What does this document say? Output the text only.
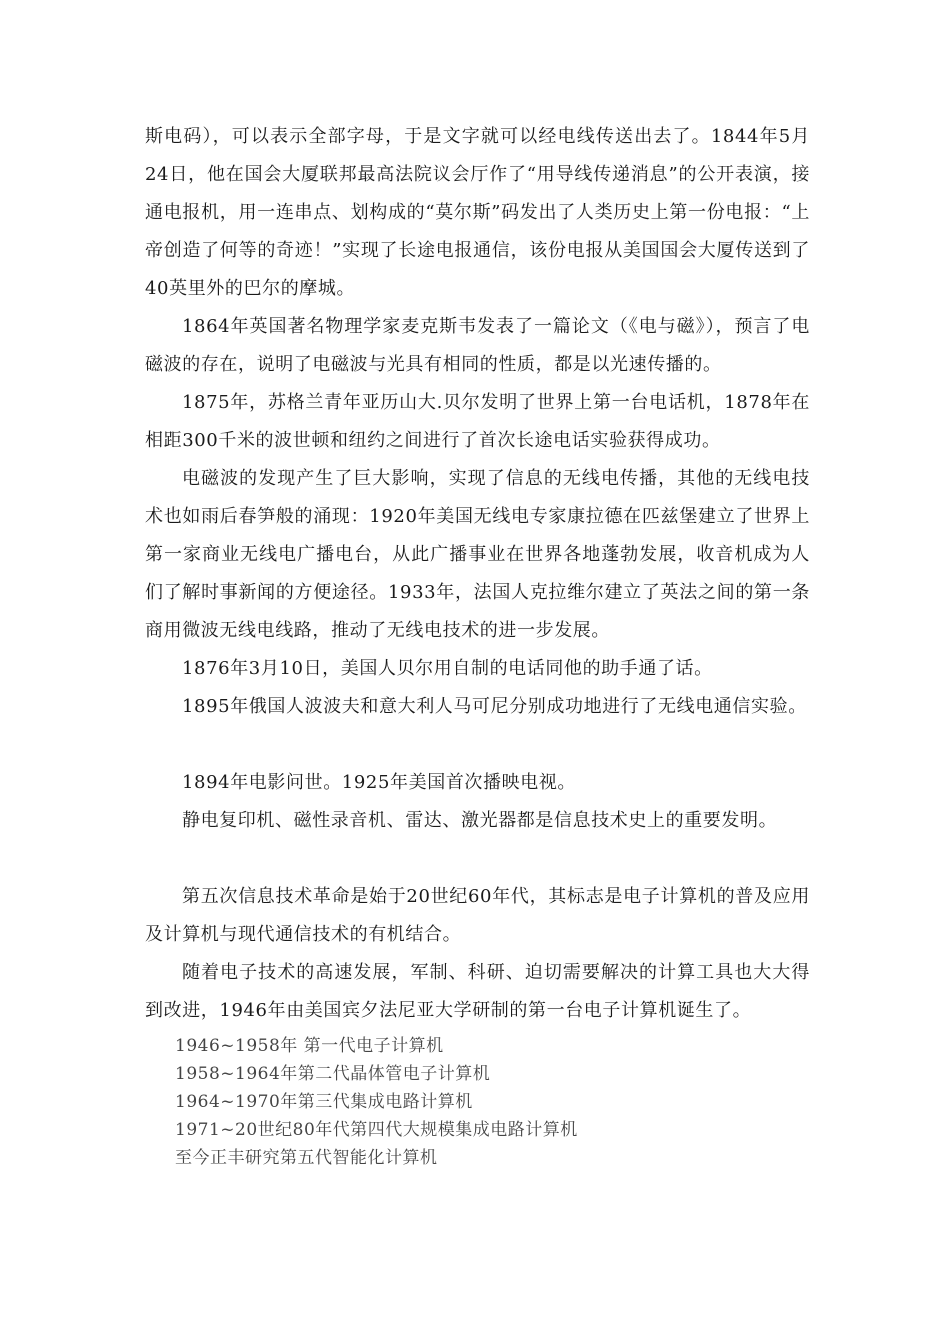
斯电码），可以表示全部字母，于是文字就可以经电线传送出去了。1844年5月24日，他在国会大厦联邦最高法院议会厅作了“用导线传递消息”的公开表演，接通电报机，用一连串点、划构成的“莫尔斯”码发出了人类历史上第一份电报：“上帝创造了何等的奇迹！”实现了长途电报通信，该份电报从美国国会大厦传送到了40英里外的巴尔的摩城。

1864年英国著名物理学家麦克斯韦发表了一篇论文（《电与磁》），预言了电磁波的存在，说明了电磁波与光具有相同的性质，都是以光速传播的。

1875年，苏格兰青年亚历山大.贝尔发明了世界上第一台电话机，1878年在相距300千米的波世顿和纽约之间进行了首次长途电话实验获得成功。

电磁波的发现产生了巨大影响，实现了信息的无线电传播，其他的无线电技术也如雨后春笋般的涌现：1920年美国无线电专家康拉德在匹兹堡建立了世界上第一家商业无线电广播电台，从此广播事业在世界各地蓬勃发展，收音机成为人们了解时事新闻的方便途径。1933年，法国人克拉维尔建立了英法之间的第一条商用微波无线电线路，推动了无线电技术的进一步发展。

1876年3月10日，美国人贝尔用自制的电话同他的助手通了话。

1895年俄国人波波夫和意大利人马可尼分别成功地进行了无线电通信实验。

1894年电影问世。1925年美国首次播映电视。

静电复印机、磁性录音机、雷达、激光器都是信息技术史上的重要发明。

第五次信息技术革命是始于20世纪60年代，其标志是电子计算机的普及应用及计算机与现代通信技术的有机结合。

随着电子技术的高速发展，军制、科研、迫切需要解决的计算工具也大大得到改进，1946年由美国宾夕法尼亚大学研制的第一台电子计算机诞生了。

1946~1958年 第一代电子计算机
1958~1964年第二代晶体管电子计算机
1964~1970年第三代集成电路计算机
1971~20世纪80年代第四代大规模集成电路计算机
至今正丰研究第五代智能化计算机
